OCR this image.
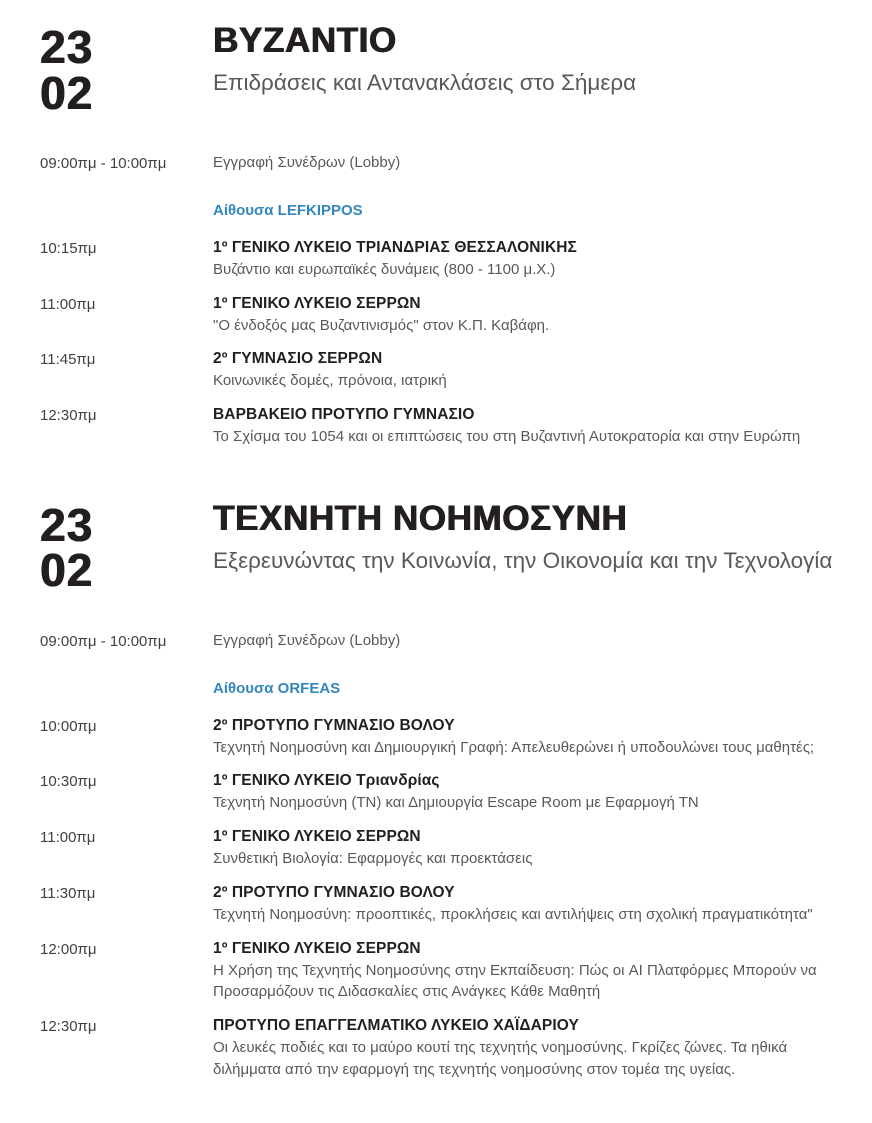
23
02
ΒΥΖΑΝΤΙΟ

Επιδράσεις και Αντανακλάσεις στο Σήμερα

09:00πμ - 10:00πμ	Εγγραφή Συνέδρων (Lobby)
Αίθουσα LEFKIPPOS
10:15πμ	1º ΓΕΝΙΚΟ ΛΥΚΕΙΟ ΤΡΙΑΝΔΡΙΑΣ ΘΕΣΣΑΛΟΝΙΚΗΣ
Βυζάντιο και ευρωπαϊκές δυνάμεις (800 - 1100 μ.Χ.)
11:00πμ	1º ΓΕΝΙΚΟ ΛΥΚΕΙΟ ΣΕΡΡΩΝ
"Ο ένδοξός μας Βυζαντινισμός" στον Κ.Π. Καβάφη.
11:45πμ	2º ΓΥΜΝΑΣΙΟ ΣΕΡΡΩΝ
Κοινωνικές δομές, πρόνοια, ιατρική
12:30πμ	ΒΑΡΒΑΚΕΙΟ ΠΡΟΤΥΠΟ ΓΥΜΝΑΣΙΟ
Το Σχίσμα του 1054 και οι επιπτώσεις του στη Βυζαντινή Αυτοκρατορία και στην Ευρώπη
23
02
ΤΕΧΝΗΤΗ ΝΟΗΜΟΣΥΝΗ

Εξερευνώντας την Κοινωνία, την Οικονομία και την Τεχνολογία

09:00πμ - 10:00πμ	Εγγραφή Συνέδρων (Lobby)
Αίθουσα ORFEAS
10:00πμ	2º ΠΡΟΤΥΠΟ ΓΥΜΝΑΣΙΟ ΒΟΛΟΥ
Τεχνητή Νοημοσύνη και Δημιουργική Γραφή: Απελευθερώνει ή υποδουλώνει τους μαθητές;
10:30πμ	1º ΓΕΝΙΚΟ ΛΥΚΕΙΟ Τριανδρίας
Τεχνητή Νοημοσύνη (ΤΝ) και Δημιουργία Escape Room με Εφαρμογή ΤΝ
11:00πμ	1º ΓΕΝΙΚΟ ΛΥΚΕΙΟ ΣΕΡΡΩΝ
Συνθετική Βιολογία: Εφαρμογές και προεκτάσεις
11:30πμ	2º ΠΡΟΤΥΠΟ ΓΥΜΝΑΣΙΟ ΒΟΛΟΥ
Τεχνητή Νοημοσύνη: προοπτικές, προκλήσεις και αντιλήψεις στη σχολική πραγματικότητα"
12:00πμ	1º ΓΕΝΙΚΟ ΛΥΚΕΙΟ ΣΕΡΡΩΝ
Η Χρήση της Τεχνητής Νοημοσύνης στην Εκπαίδευση: Πώς οι AI Πλατφόρμες Μπορούν να Προσαρμόζουν τις Διδασκαλίες στις Ανάγκες Κάθε Μαθητή
12:30πμ	ΠΡΟΤΥΠΟ ΕΠΑΓΓΕΛΜΑΤΙΚΟ ΛΥΚΕΙΟ ΧΑΪΔΑΡΙΟΥ
Οι λευκές ποδιές και το μαύρο κουτί της τεχνητής νοημοσύνης. Γκρίζες ζώνες. Τα ηθικά διλήμματα από την εφαρμογή της τεχνητής νοημοσύνης στον τομέα της υγείας.
